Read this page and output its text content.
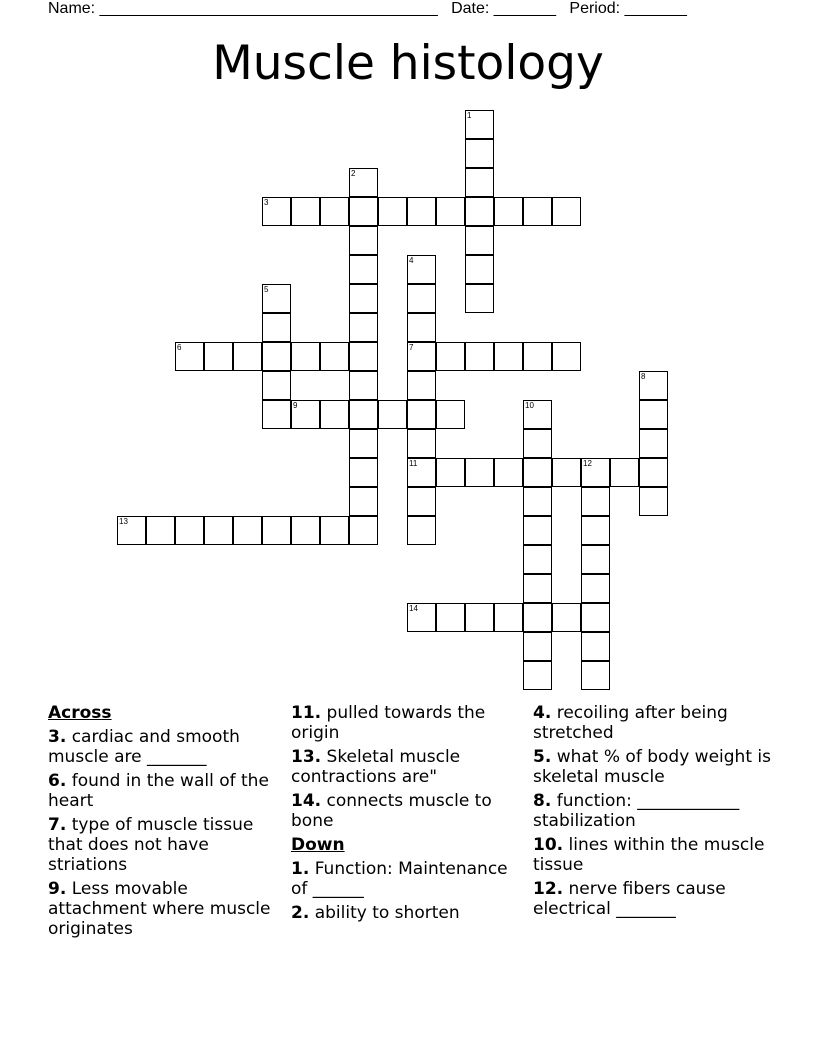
Name: ______________________________________ Date: _______ Period: _______
Muscle histology
1
2
3
4
7
11
5
6
8
9	10
12
13
14
Across
3. cardiac and smooth muscle are _______
6. found in the wall of the heart
7. type of muscle tissue that does not have striations
9. Less movable attachment where muscle originates
11. pulled towards the origin
13. Skeletal muscle contractions are"
14. connects muscle to bone
Down
1. Function: Maintenance of ______
2. ability to shorten
4. recoiling after being stretched
5. what % of body weight is skeletal muscle
8. function: ____________ stabilization
10. lines within the muscle tissue
12. nerve fibers cause electrical _______
